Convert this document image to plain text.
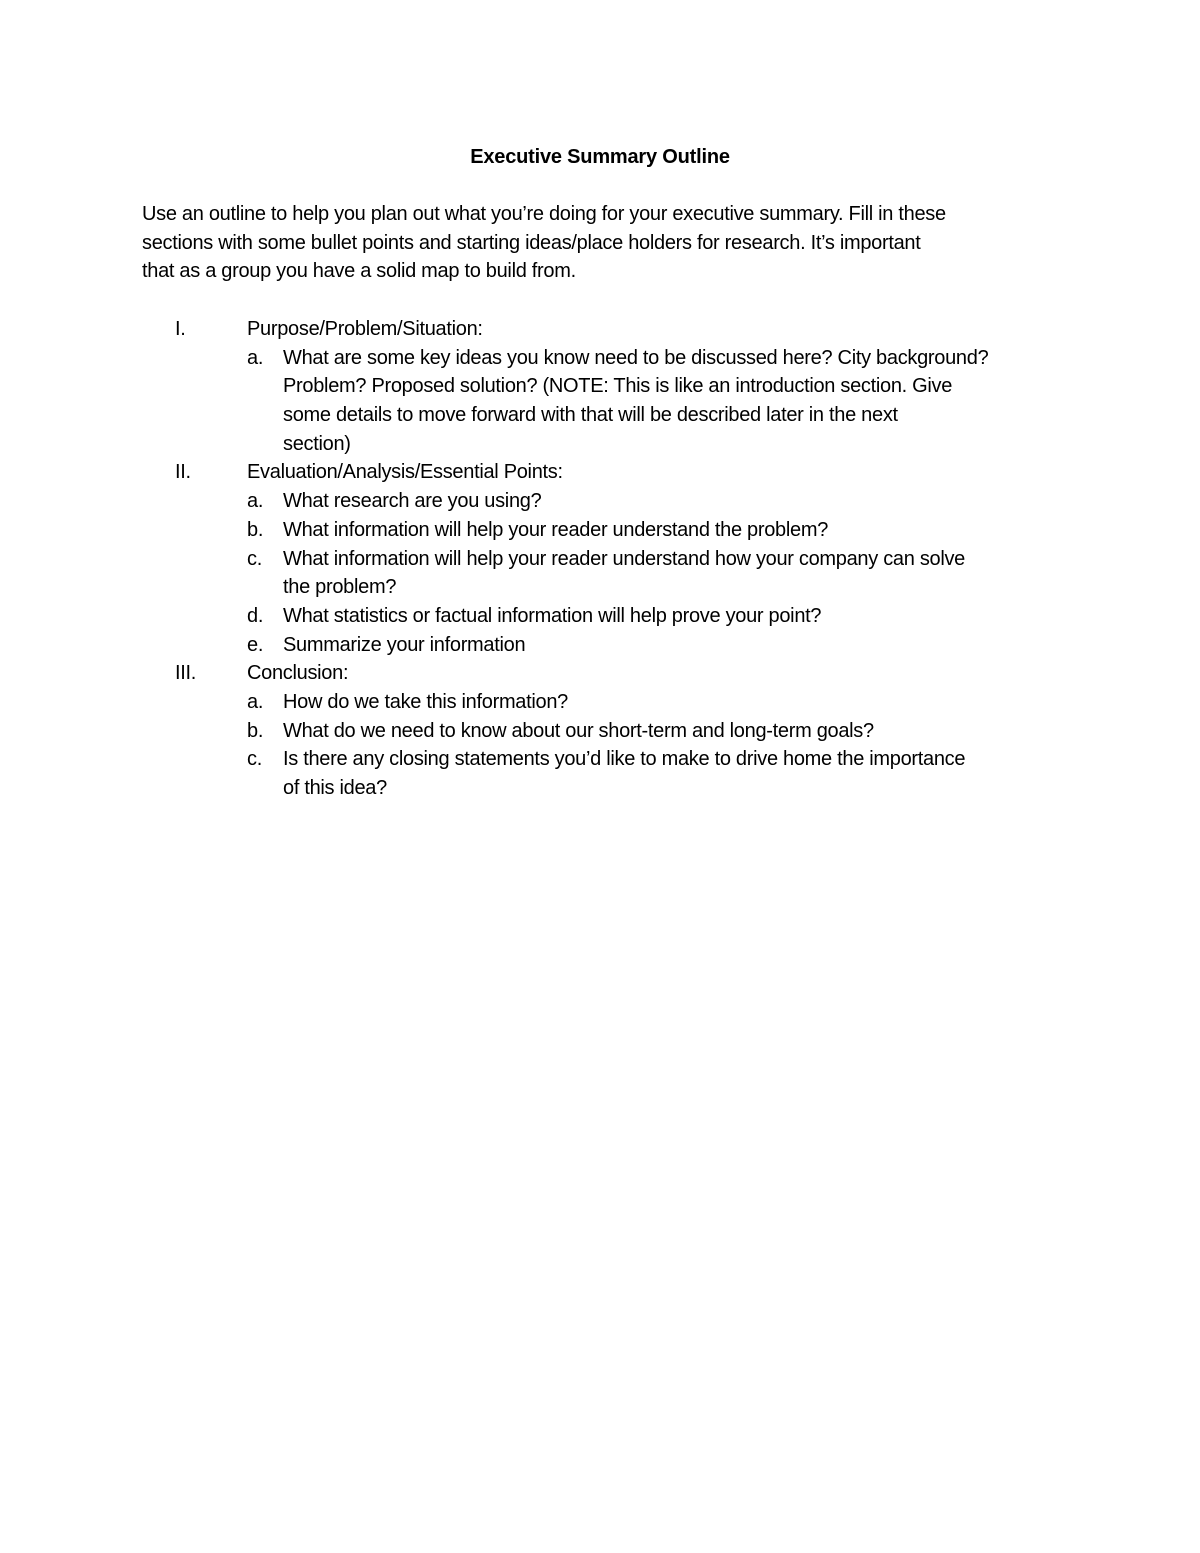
Executive Summary Outline
Use an outline to help you plan out what you’re doing for your executive summary. Fill in these
sections with some bullet points and starting ideas/place holders for research. It’s important
that as a group you have a solid map to build from.
I.	Purpose/Problem/Situation:
a. What are some key ideas you know need to be discussed here? City background?
Problem? Proposed solution? (NOTE: This is like an introduction section. Give
some details to move forward with that will be described later in the next
section)
II.	Evaluation/Analysis/Essential Points:
a. What research are you using?
b. What information will help your reader understand the problem?
c. What information will help your reader understand how your company can solve
the problem?
d. What statistics or factual information will help prove your point?
e. Summarize your information
III.	Conclusion:
a. How do we take this information?
b. What do we need to know about our short-term and long-term goals?
c. Is there any closing statements you’d like to make to drive home the importance
of this idea?
